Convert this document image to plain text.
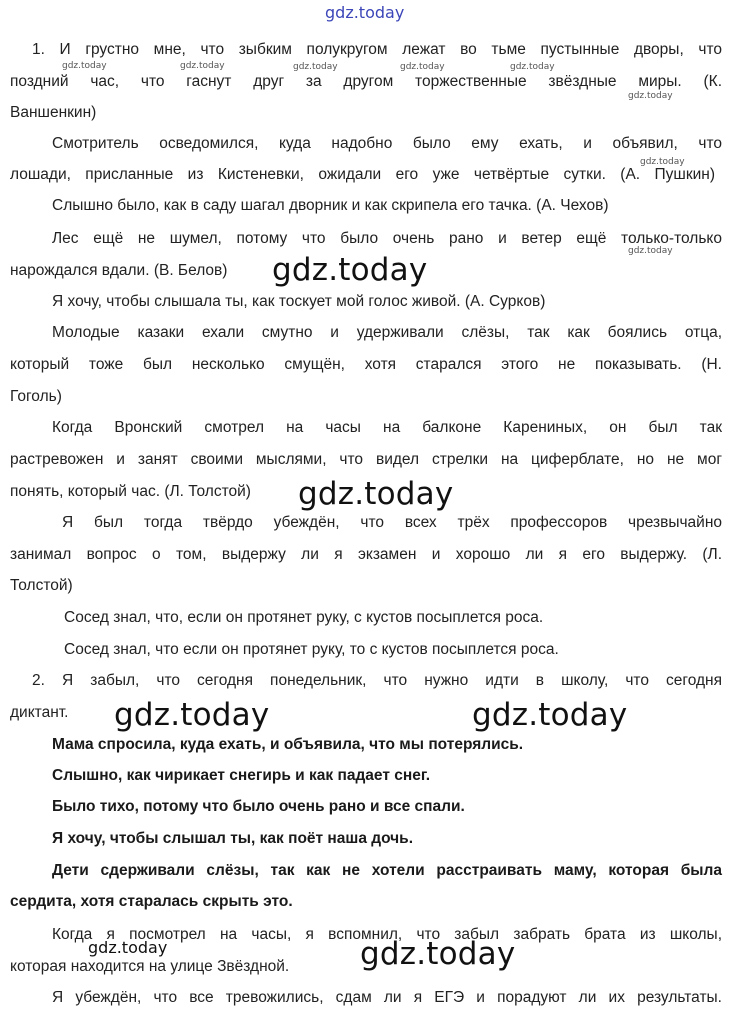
gdz.today
1. И грустно мне, что зыбким полукругом лежат во тьме пустынные дворы, что
поздний час, что гаснут друг за другом торжественные звёздные миры. (К.
Ваншенкин)
Смотритель осведомился, куда надобно было ему ехать, и объявил, что
лошади, присланные из Кистеневки, ожидали его уже четвёртые сутки. (А. Пушкин)
Слышно было, как в саду шагал дворник и как скрипела его тачка. (А. Чехов)
Лес ещё не шумел, потому что было очень рано и ветер ещё только-только
нарождался вдали. (В. Белов)
Я хочу, чтобы слышала ты, как тоскует мой голос живой. (А. Сурков)
Молодые казаки ехали смутно и удерживали слёзы, так как боялись отца,
который тоже был несколько смущён, хотя старался этого не показывать. (Н.
Гоголь)
Когда Вронский смотрел на часы на балконе Карениных, он был так
растревожен и занят своими мыслями, что видел стрелки на циферблате, но не мог
понять, который час. (Л. Толстой)
Я был тогда твёрдо убеждён, что всех трёх профессоров чрезвычайно
занимал вопрос о том, выдержу ли я экзамен и хорошо ли я его выдержу. (Л.
Толстой)
Сосед знал, что, если он протянет руку, с кустов посыплется роса.
Сосед знал, что если он протянет руку, то с кустов посыплется роса.
2. Я забыл, что сегодня понедельник, что нужно идти в школу, что сегодня
диктант.
Мама спросила, куда ехать, и объявила, что мы потерялись.
Слышно, как чирикает снегирь и как падает снег.
Было тихо, потому что было очень рано и все спали.
Я хочу, чтобы слышал ты, как поёт наша дочь.
Дети сдерживали слёзы, так как не хотели расстраивать маму, которая была
сердита, хотя старалась скрыть это.
Когда я посмотрел на часы, я вспомнил, что забыл забрать брата из школы,
которая находится на улице Звёздной.
Я убеждён, что все тревожились, сдам ли я ЕГЭ и порадуют ли их результаты.
gdz.today	gdz.today	gdz.today	gdz.today	gdz.today
gdz.today
gdz.today
gdz.today
gdz.today
gdz.today
gdz.today
gdz.today	gdz.today
gdz.today
